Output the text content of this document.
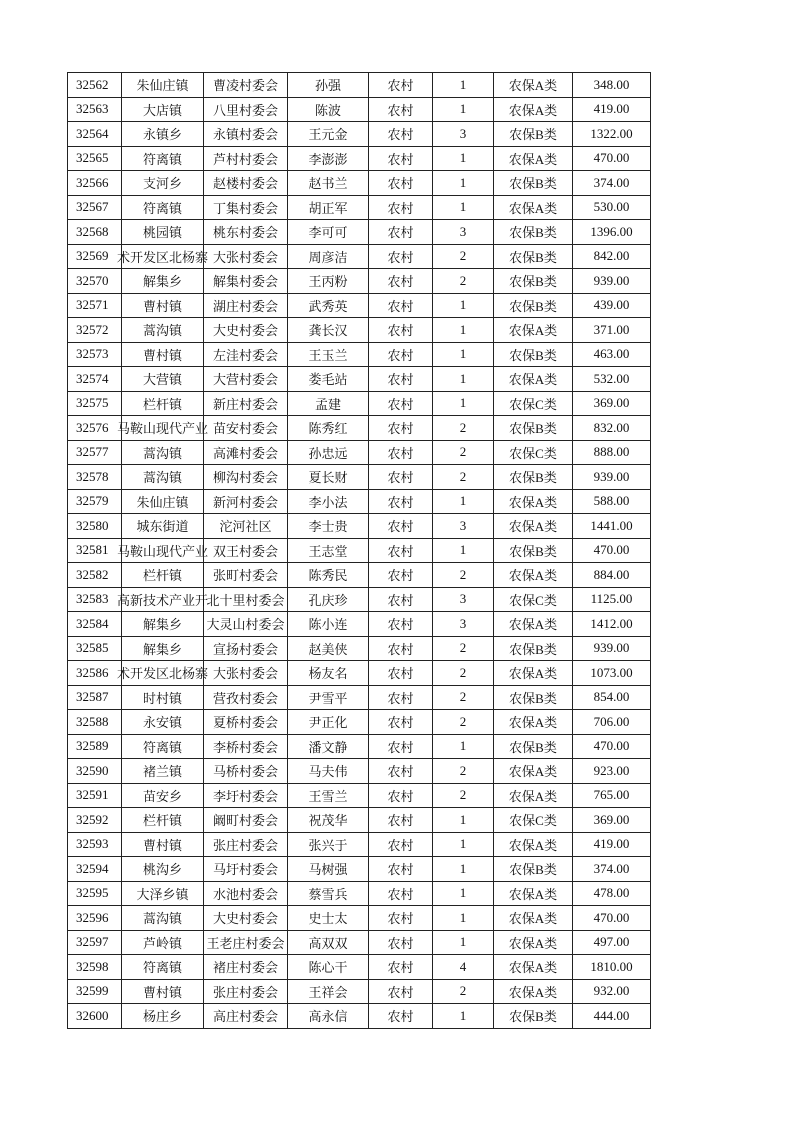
32562	朱仙庄镇	曹凌村委会	孙强	农村	1	农保A类	348.00
32563	大店镇	八里村委会	陈波	农村	1	农保A类	419.00
32564	永镇乡	永镇村委会	王元金	农村	3	农保B类	1322.00
32565	符离镇	芦村村委会	李澎澎	农村	1	农保A类	470.00
32566	支河乡	赵楼村委会	赵书兰	农村	1	农保B类	374.00
32567	符离镇	丁集村委会	胡正军	农村	1	农保A类	530.00
32568	桃园镇	桃东村委会	李可可	农村	3	农保B类	1396.00
32569	术开发区北杨寨	大张村委会	周彦洁	农村	2	农保B类	842.00
32570	解集乡	解集村委会	王丙粉	农村	2	农保B类	939.00
32571	曹村镇	湖庄村委会	武秀英	农村	1	农保B类	439.00
32572	蒿沟镇	大史村委会	龚长汉	农村	1	农保A类	371.00
32573	曹村镇	左洼村委会	王玉兰	农村	1	农保B类	463.00
32574	大营镇	大营村委会	娄毛站	农村	1	农保A类	532.00
32575	栏杆镇	新庄村委会	孟建	农村	1	农保C类	369.00
32576	马鞍山现代产业	苗安村委会	陈秀红	农村	2	农保B类	832.00
32577	蒿沟镇	高滩村委会	孙忠远	农村	2	农保C类	888.00
32578	蒿沟镇	柳沟村委会	夏长财	农村	2	农保B类	939.00
32579	朱仙庄镇	新河村委会	李小法	农村	1	农保A类	588.00
32580	城东街道	沱河社区	李士贵	农村	3	农保A类	1441.00
32581	马鞍山现代产业	双王村委会	王志堂	农村	1	农保B类	470.00
32582	栏杆镇	张町村委会	陈秀民	农村	2	农保A类	884.00
32583	高新技术产业开	北十里村委会	孔庆珍	农村	3	农保C类	1125.00
32584	解集乡	大灵山村委会	陈小连	农村	3	农保A类	1412.00
32585	解集乡	宣扬村委会	赵美侠	农村	2	农保B类	939.00
32586	术开发区北杨寨	大张村委会	杨友名	农村	2	农保A类	1073.00
32587	时村镇	营孜村委会	尹雪平	农村	2	农保B类	854.00
32588	永安镇	夏桥村委会	尹正化	农村	2	农保A类	706.00
32589	符离镇	李桥村委会	潘文静	农村	1	农保B类	470.00
32590	褚兰镇	马桥村委会	马夫伟	农村	2	农保A类	923.00
32591	苗安乡	李圩村委会	王雪兰	农村	2	农保A类	765.00
32592	栏杆镇	阚町村委会	祝茂华	农村	1	农保C类	369.00
32593	曹村镇	张庄村委会	张兴于	农村	1	农保A类	419.00
32594	桃沟乡	马圩村委会	马树强	农村	1	农保B类	374.00
32595	大泽乡镇	水池村委会	蔡雪兵	农村	1	农保A类	478.00
32596	蒿沟镇	大史村委会	史士太	农村	1	农保A类	470.00
32597	芦岭镇	王老庄村委会	高双双	农村	1	农保A类	497.00
32598	符离镇	褚庄村委会	陈心干	农村	4	农保A类	1810.00
32599	曹村镇	张庄村委会	王祥会	农村	2	农保A类	932.00
32600	杨庄乡	高庄村委会	高永信	农村	1	农保B类	444.00
